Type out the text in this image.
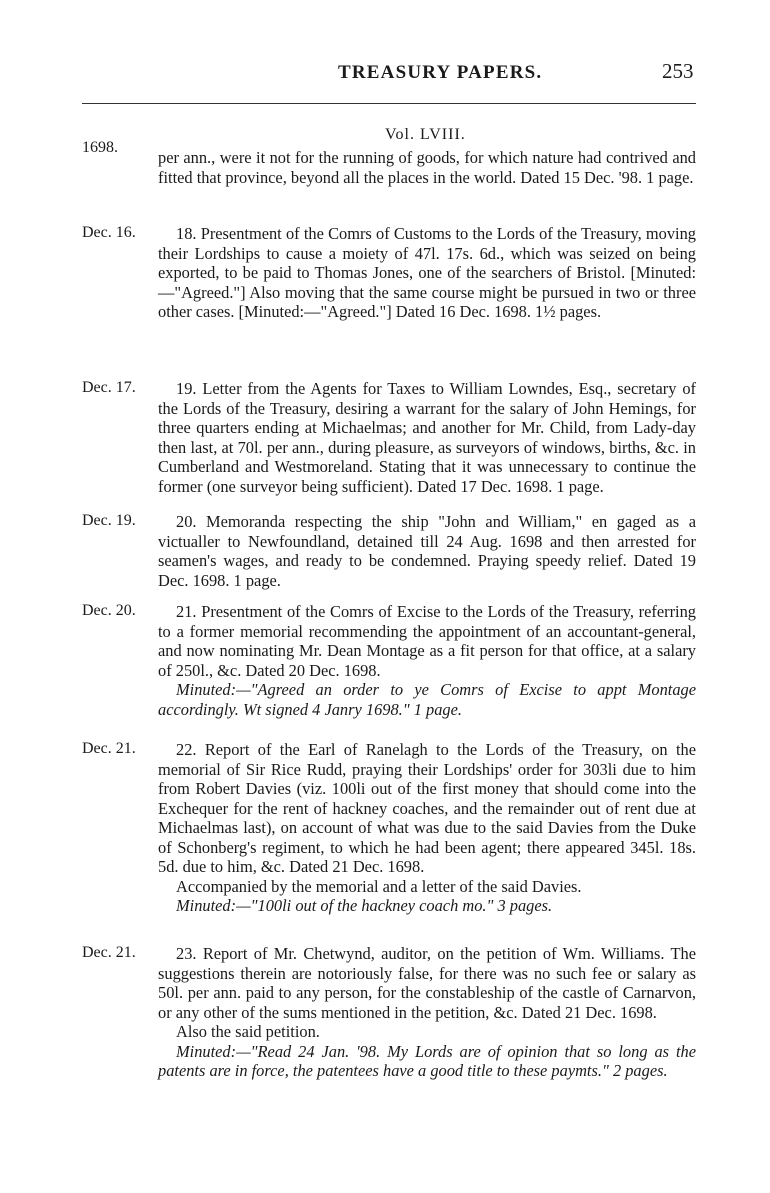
TREASURY PAPERS.	253
Vol. LVIII.
1698.

per ann., were it not for the running of goods, for which nature had contrived and fitted that province, beyond all the places in the world. Dated 15 Dec. '98. 1 page.

Dec. 16.	18. Presentment of the Comrs of Customs to the Lords of the Treasury, moving their Lordships to cause a moiety of 47l. 17s. 6d., which was seized on being exported, to be paid to Thomas Jones, one of the searchers of Bristol. [Minuted:—"Agreed."] Also moving that the same course might be pursued in two or three other cases. [Minuted:—"Agreed."] Dated 16 Dec. 1698. 1½ pages.

Dec. 17.	19. Letter from the Agents for Taxes to William Lowndes, Esq., secretary of the Lords of the Treasury, desiring a warrant for the salary of John Hemings, for three quarters ending at Michaelmas; and another for Mr. Child, from Lady-day then last, at 70l. per ann., during pleasure, as surveyors of windows, births, &c. in Cumberland and Westmoreland. Stating that it was unnecessary to continue the former (one surveyor being sufficient). Dated 17 Dec. 1698. 1 page.

Dec. 19.	20. Memoranda respecting the ship "John and William," en gaged as a victualler to Newfoundland, detained till 24 Aug. 1698 and then arrested for seamen's wages, and ready to be condemned. Praying speedy relief. Dated 19 Dec. 1698. 1 page.

Dec. 20.	21. Presentment of the Comrs of Excise to the Lords of the Treasury, referring to a former memorial recommending the appointment of an accountant-general, and now nominating Mr. Dean Montage as a fit person for that office, at a salary of 250l., &c. Dated 20 Dec. 1698.

Minuted:—"Agreed an order to ye Comrs of Excise to appt Montage accordingly. Wt signed 4 Janry 1698." 1 page.

Dec. 21.	22. Report of the Earl of Ranelagh to the Lords of the Treasury, on the memorial of Sir Rice Rudd, praying their Lordships' order for 303li due to him from Robert Davies (viz. 100li out of the first money that should come into the Exchequer for the rent of hackney coaches, and the remainder out of rent due at Michaelmas last), on account of what was due to the said Davies from the Duke of Schonberg's regiment, to which he had been agent; there appeared 345l. 18s. 5d. due to him, &c. Dated 21 Dec. 1698.

Accompanied by the memorial and a letter of the said Davies.

Minuted:—"100li out of the hackney coach mo." 3 pages.

Dec. 21.	23. Report of Mr. Chetwynd, auditor, on the petition of Wm. Williams. The suggestions therein are notoriously false, for there was no such fee or salary as 50l. per ann. paid to any person, for the constableship of the castle of Carnarvon, or any other of the sums mentioned in the petition, &c. Dated 21 Dec. 1698.

Also the said petition.

Minuted:—"Read 24 Jan. '98. My Lords are of opinion that so long as the patents are in force, the patentees have a good title to these paymts." 2 pages.
